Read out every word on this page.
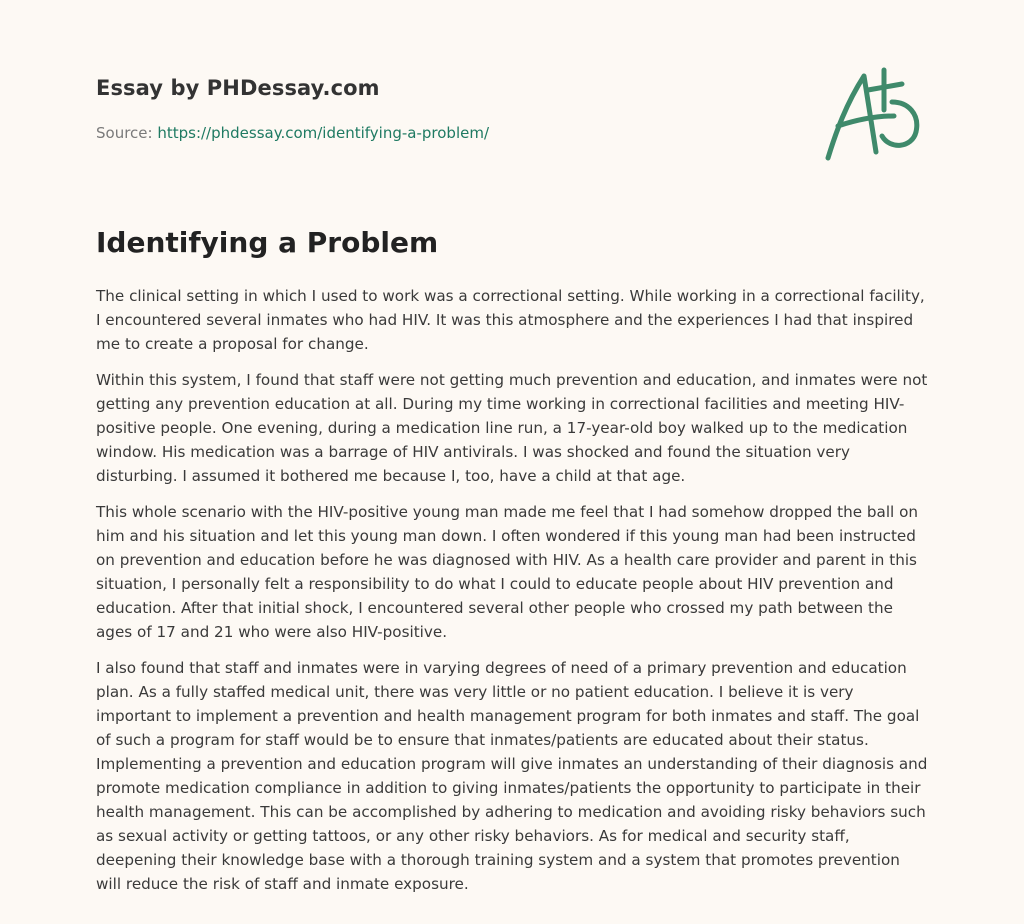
Essay by PHDessay.com
Source: https://phdessay.com/identifying-a-problem/
Identifying a Problem

The clinical setting in which I used to work was a correctional setting. While working in a correctional facility, I encountered several inmates who had HIV. It was this atmosphere and the experiences I had that inspired me to create a proposal for change.

Within this system, I found that staff were not getting much prevention and education, and inmates were not getting any prevention education at all. During my time working in correctional facilities and meeting HIV-positive people. One evening, during a medication line run, a 17-year-old boy walked up to the medication window. His medication was a barrage of HIV antivirals. I was shocked and found the situation very disturbing. I assumed it bothered me because I, too, have a child at that age.

This whole scenario with the HIV-positive young man made me feel that I had somehow dropped the ball on him and his situation and let this young man down. I often wondered if this young man had been instructed on prevention and education before he was diagnosed with HIV. As a health care provider and parent in this situation, I personally felt a responsibility to do what I could to educate people about HIV prevention and education. After that initial shock, I encountered several other people who crossed my path between the ages of 17 and 21 who were also HIV-positive.

I also found that staff and inmates were in varying degrees of need of a primary prevention and education plan. As a fully staffed medical unit, there was very little or no patient education. I believe it is very important to implement a prevention and health management program for both inmates and staff. The goal of such a program for staff would be to ensure that inmates/patients are educated about their status. Implementing a prevention and education program will give inmates an understanding of their diagnosis and promote medication compliance in addition to giving inmates/patients the opportunity to participate in their health management. This can be accomplished by adhering to medication and avoiding risky behaviors such as sexual activity or getting tattoos, or any other risky behaviors. As for medical and security staff, deepening their knowledge base with a thorough training system and a system that promotes prevention will reduce the risk of staff and inmate exposure.
